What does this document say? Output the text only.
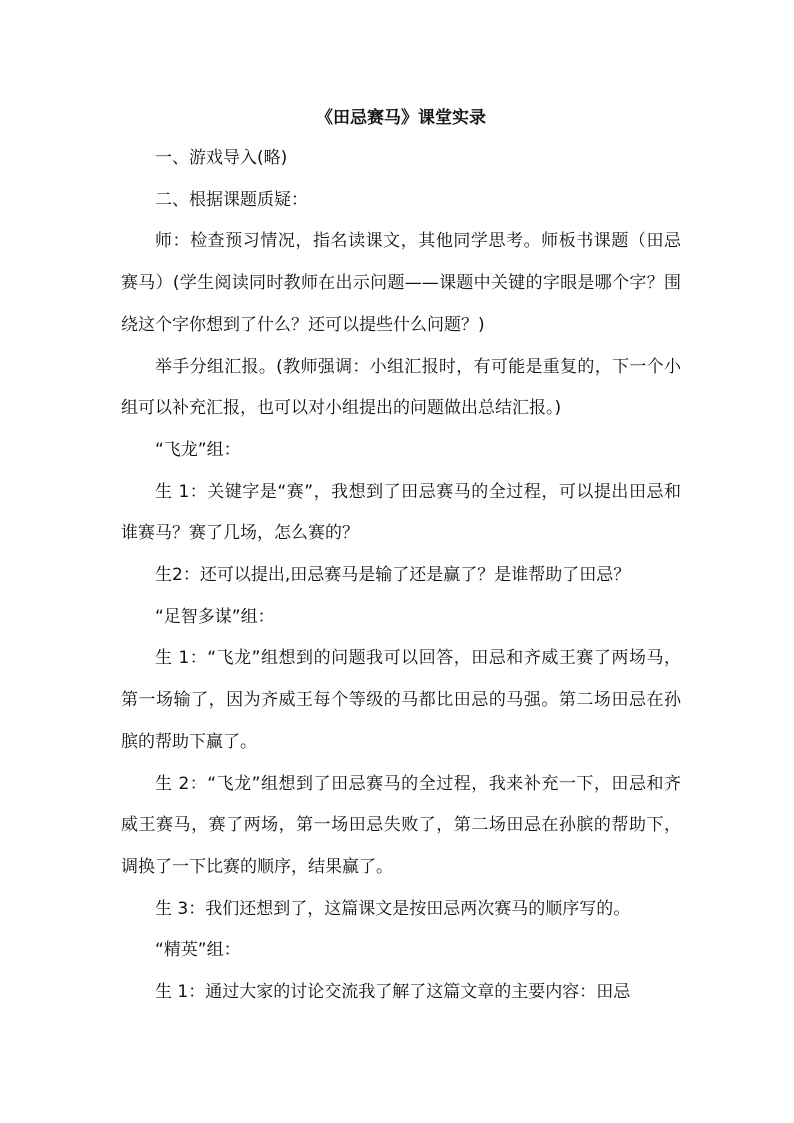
《田忌赛马》课堂实录

一、游戏导入(略)

二、根据课题质疑：

师：检查预习情况，指名读课文，其他同学思考。师板书课题（田忌赛马）(学生阅读同时教师在出示问题——课题中关键的字眼是哪个字？围绕这个字你想到了什么？还可以提些什么问题？)

举手分组汇报。(教师强调：小组汇报时，有可能是重复的，下一个小组可以补充汇报，也可以对小组提出的问题做出总结汇报。)

“飞龙”组：

生 1：关键字是“赛”，我想到了田忌赛马的全过程，可以提出田忌和谁赛马？赛了几场，怎么赛的？

生2：还可以提出,田忌赛马是输了还是赢了？是谁帮助了田忌？

“足智多谋”组：

生 1：“飞龙”组想到的问题我可以回答，田忌和齐威王赛了两场马，第一场输了，因为齐威王每个等级的马都比田忌的马强。第二场田忌在孙膑的帮助下赢了。

生 2：“飞龙”组想到了田忌赛马的全过程，我来补充一下，田忌和齐威王赛马，赛了两场，第一场田忌失败了，第二场田忌在孙膑的帮助下，调换了一下比赛的顺序，结果赢了。

生 3：我们还想到了，这篇课文是按田忌两次赛马的顺序写的。

“精英”组：

生 1：通过大家的讨论交流我了解了这篇文章的主要内容：田忌
